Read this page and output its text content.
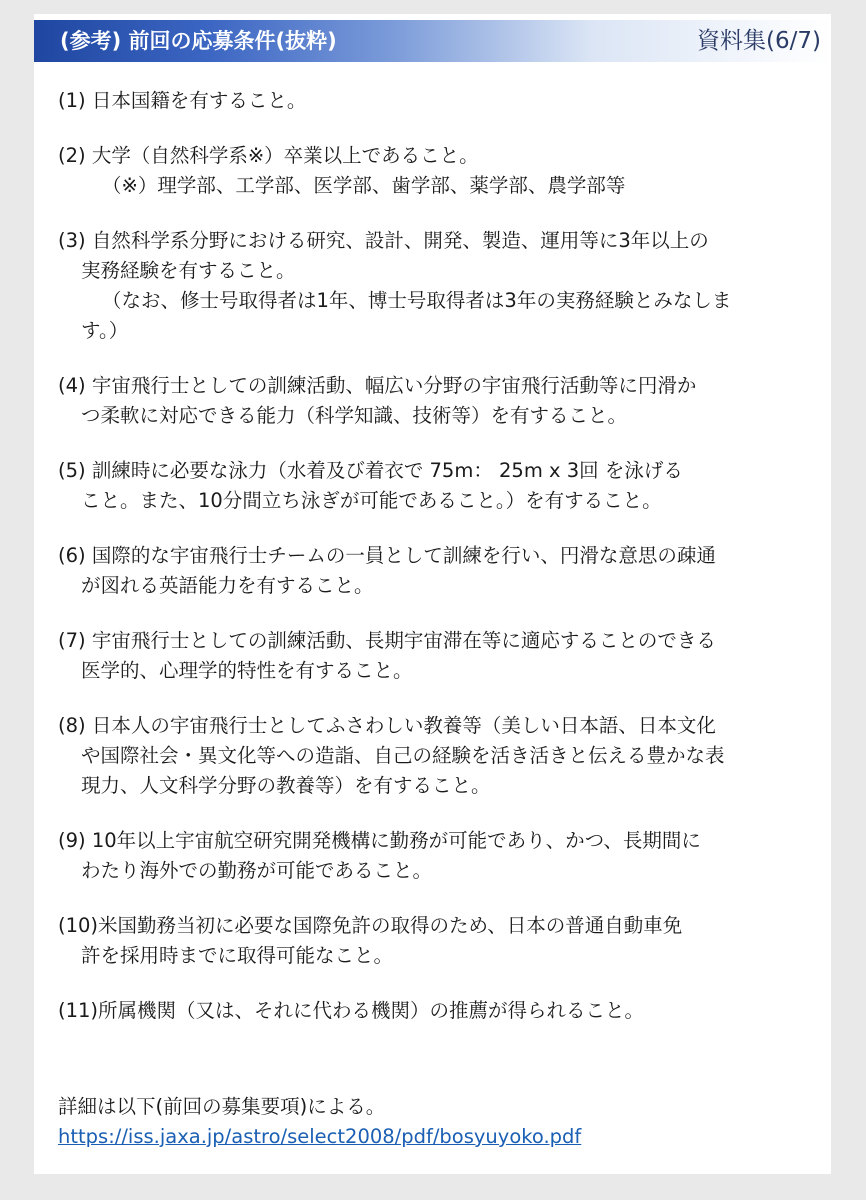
(参考) 前回の応募条件(抜粋)	資料集(6/7)
(1) 日本国籍を有すること。
(2) 大学（自然科学系※）卒業以上であること。
（※）理学部、工学部、医学部、歯学部、薬学部、農学部等
(3) 自然科学系分野における研究、設計、開発、製造、運用等に3年以上の
実務経験を有すること。
（なお、修士号取得者は1年、博士号取得者は3年の実務経験とみなしま
す。）
(4) 宇宙飛行士としての訓練活動、幅広い分野の宇宙飛行活動等に円滑か
つ柔軟に対応できる能力（科学知識、技術等）を有すること。
(5) 訓練時に必要な泳力（水着及び着衣で 75m： 25m x 3回 を泳げる
こと。また、10分間立ち泳ぎが可能であること。）を有すること。
(6) 国際的な宇宙飛行士チームの一員として訓練を行い、円滑な意思の疎通
が図れる英語能力を有すること。
(7) 宇宙飛行士としての訓練活動、長期宇宙滞在等に適応することのできる
医学的、心理学的特性を有すること。
(8) 日本人の宇宙飛行士としてふさわしい教養等（美しい日本語、日本文化
や国際社会・異文化等への造詣、自己の経験を活き活きと伝える豊かな表
現力、人文科学分野の教養等）を有すること。
(9) 10年以上宇宙航空研究開発機構に勤務が可能であり、かつ、長期間に
わたり海外での勤務が可能であること。
(10)米国勤務当初に必要な国際免許の取得のため、日本の普通自動車免
許を採用時までに取得可能なこと。
(11)所属機関（又は、それに代わる機関）の推薦が得られること。
詳細は以下(前回の募集要項)による。
https://iss.jaxa.jp/astro/select2008/pdf/bosyuyoko.pdf
